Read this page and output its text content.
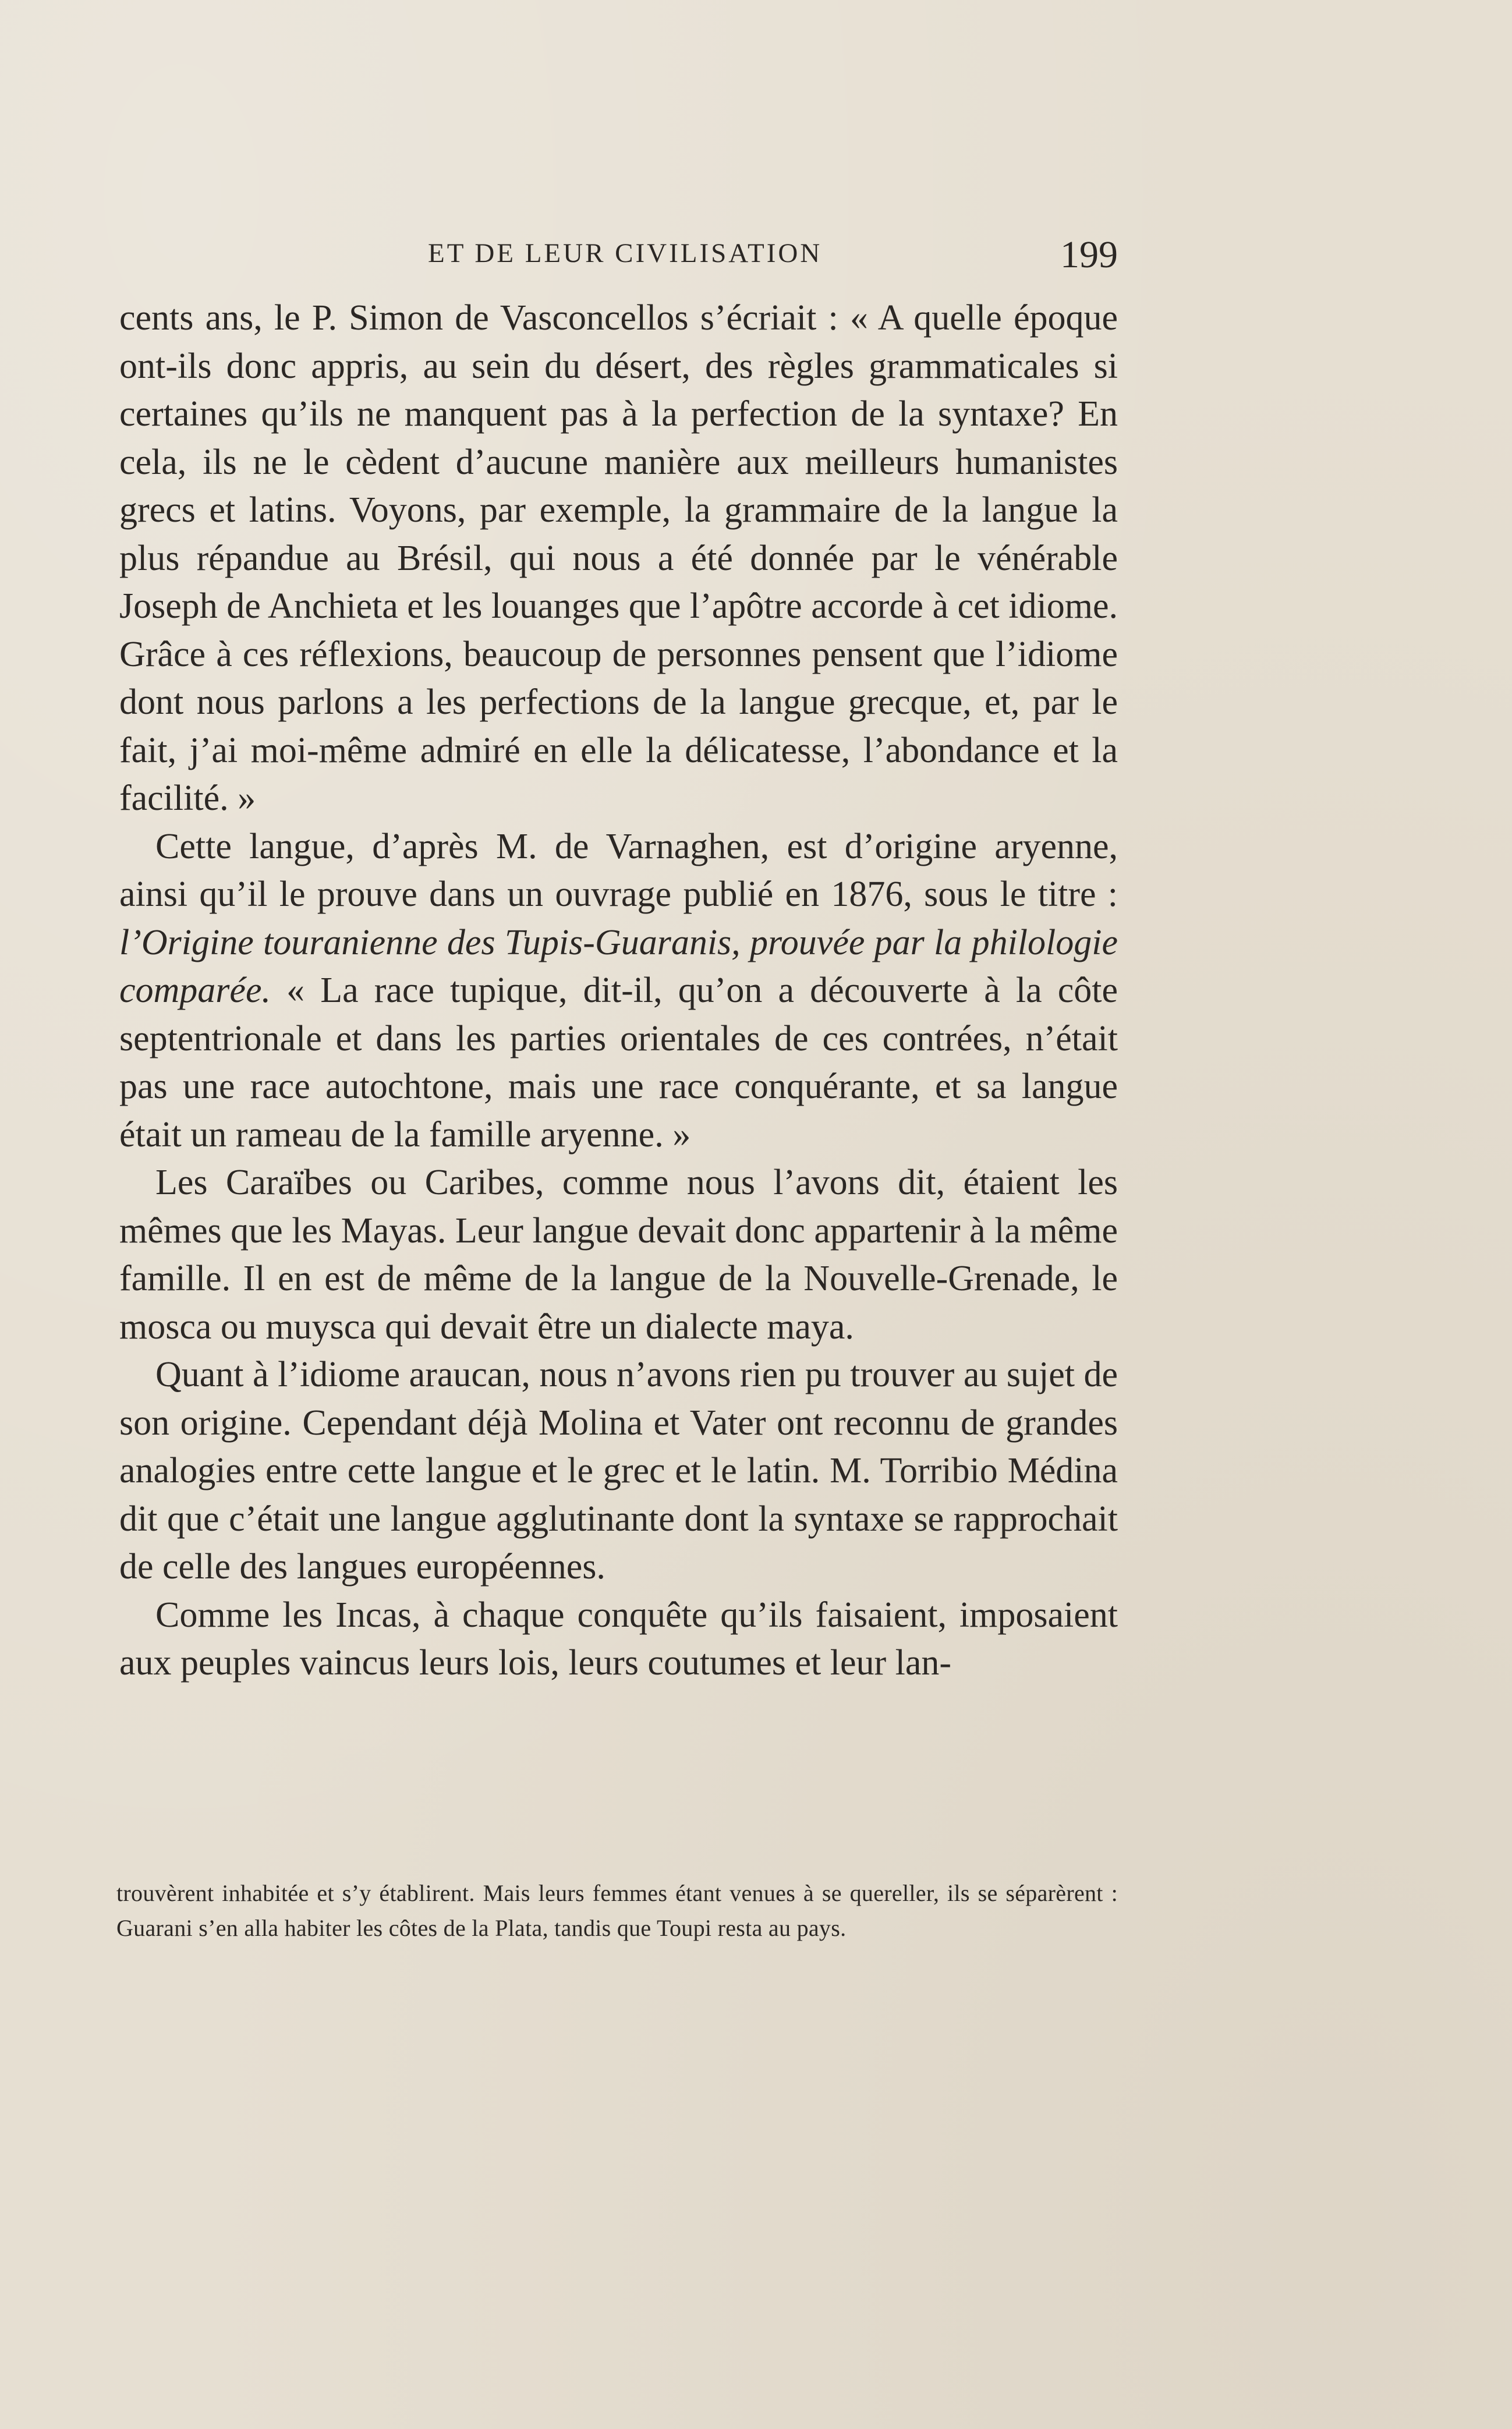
ET DE LEUR CIVILISATION	199

cents ans, le P. Simon de Vasconcellos s’écriait : « A quelle époque ont-ils donc appris, au sein du désert, des règles grammaticales si certaines qu’ils ne manquent pas à la perfection de la syntaxe? En cela, ils ne le cèdent d’aucune manière aux meilleurs humanistes grecs et latins. Voyons, par exemple, la grammaire de la langue la plus répandue au Brésil, qui nous a été donnée par le vénérable Joseph de Anchieta et les louanges que l’apôtre accorde à cet idiome. Grâce à ces réflexions, beaucoup de personnes pensent que l’idiome dont nous parlons a les perfections de la langue grecque, et, par le fait, j’ai moi-même admiré en elle la délicatesse, l’abondance et la facilité. »

Cette langue, d’après M. de Varnaghen, est d’origine aryenne, ainsi qu’il le prouve dans un ouvrage publié en 1876, sous le titre : l’Origine touranienne des Tupis-Guaranis, prouvée par la philologie comparée. « La race tupique, dit-il, qu’on a découverte à la côte septentrionale et dans les parties orientales de ces contrées, n’était pas une race autochtone, mais une race conquérante, et sa langue était un rameau de la famille aryenne. »

Les Caraïbes ou Caribes, comme nous l’avons dit, étaient les mêmes que les Mayas. Leur langue devait donc appartenir à la même famille. Il en est de même de la langue de la Nouvelle-Grenade, le mosca ou muysca qui devait être un dialecte maya.

Quant à l’idiome araucan, nous n’avons rien pu trouver au sujet de son origine. Cependant déjà Molina et Vater ont reconnu de grandes analogies entre cette langue et le grec et le latin. M. Torribio Médina dit que c’était une langue agglutinante dont la syntaxe se rapprochait de celle des langues européennes.

Comme les Incas, à chaque conquête qu’ils faisaient, imposaient aux peuples vaincus leurs lois, leurs coutumes et leur lan-

trouvèrent inhabitée et s’y établirent. Mais leurs femmes étant venues à se quereller, ils se séparèrent : Guarani s’en alla habiter les côtes de la Plata, tandis que Toupi resta au pays.
